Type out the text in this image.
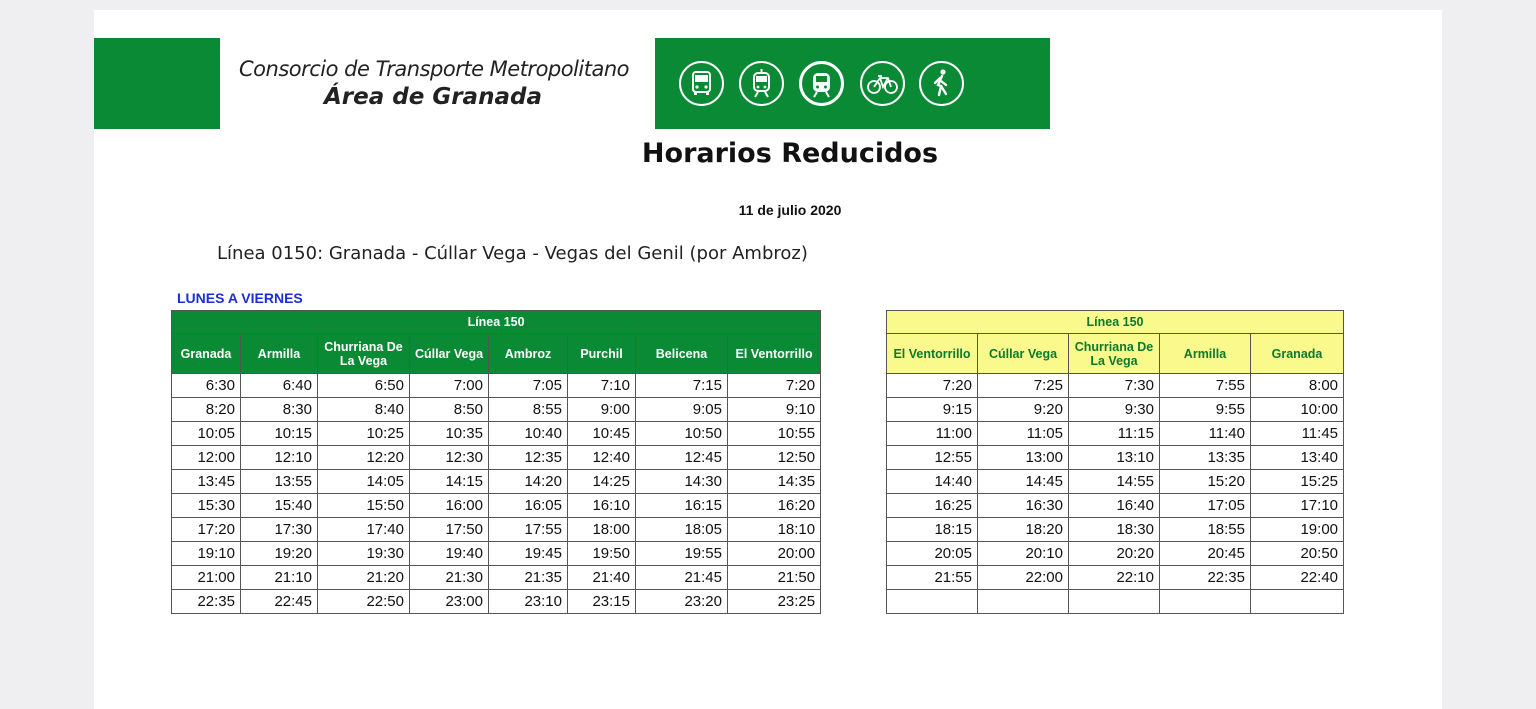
Consorcio de Transporte Metropolitano
Área de Granada
Horarios Reducidos
11 de julio 2020
Línea 0150: Granada - Cúllar Vega - Vegas del Genil (por Ambroz)
LUNES A VIERNES
Línea 150							
Granada	Armilla	Churriana De La Vega	Cúllar Vega	Ambroz	Purchil	Belicena	El Ventorrillo
6:30	6:40	6:50	7:00	7:05	7:10	7:15	7:20
8:20	8:30	8:40	8:50	8:55	9:00	9:05	9:10
10:05	10:15	10:25	10:35	10:40	10:45	10:50	10:55
12:00	12:10	12:20	12:30	12:35	12:40	12:45	12:50
13:45	13:55	14:05	14:15	14:20	14:25	14:30	14:35
15:30	15:40	15:50	16:00	16:05	16:10	16:15	16:20
17:20	17:30	17:40	17:50	17:55	18:00	18:05	18:10
19:10	19:20	19:30	19:40	19:45	19:50	19:55	20:00
21:00	21:10	21:20	21:30	21:35	21:40	21:45	21:50
22:35	22:45	22:50	23:00	23:10	23:15	23:20	23:25
Línea 150				
El Ventorrillo	Cúllar Vega	Churriana De La Vega	Armilla	Granada
7:20	7:25	7:30	7:55	8:00
9:15	9:20	9:30	9:55	10:00
11:00	11:05	11:15	11:40	11:45
12:55	13:00	13:10	13:35	13:40
14:40	14:45	14:55	15:20	15:25
16:25	16:30	16:40	17:05	17:10
18:15	18:20	18:30	18:55	19:00
20:05	20:10	20:20	20:45	20:50
21:55	22:00	22:10	22:35	22:40
